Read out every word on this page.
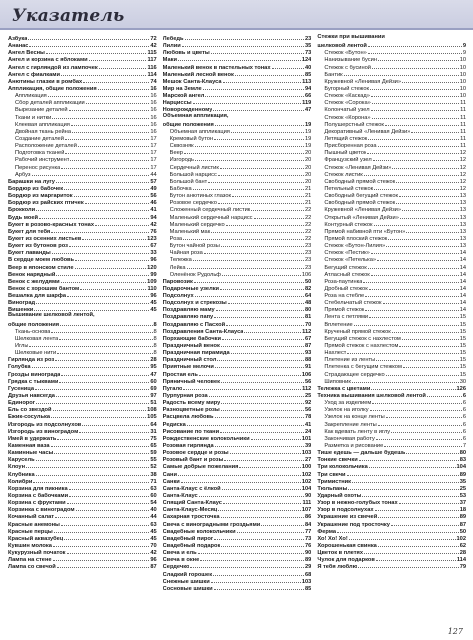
Указатель
Азбука	72
Ананас	42
Ангел Весны	115
Ангел и корзина с яблоками	117
Ангел с гирляндой из лампочек	116
Ангел с фиалками	114
Анютины глазки в ромбах	74
Аппликация, общие положения	16
Аппликация	16
Сбор деталей аппликации	16
Вырезание деталей	16
Ткани и нитки	16
Клеевая аппликация	16
Двойная ткань рейна	16
Создание деталей	17
Расположение деталей	17
Подготовка тканей	17
Рабочий инструмент	17
Перенос рисунка	17
Арбуз	44
Барашки на лугу	57
Бордюр из бабочек	49
Бордюр из маргариток	56
Бордюр из райских птичек	46
Брокколи	41
Будь моей	94
Букет в розово-красных тонах	42
Букет для тебя	76
Букет из осенних листьев	123
Букет из бутонов роз	67
Букет лаванды	33
В сердце моем любовь	96
Веер в японском стиле	120
Венок нарядный	99
Венок с желудями	109
Венок с хорошим бантом	110
Вешалка для шарфа	96
Виноград	45
Вишенки	45
Вышивание шелковой лентой,
общие положения	8
Ткань-основа	8
Шелковая лента	8
Иглы	8
Шелковые нити	8
Гирлянда из роз	28
Голубка	95
Грозды винограда	47
Грядка с тыквами	60
Гусеница	69
Друзья навсегда	97
Единорог	51
Ель со звездой	108
Ежик-сосулька	105
Изгородь из подсолнухов	64
Изгородь из виноградом	31
Имей в удержать	75
Каменная ваза	65
Каминные часы	59
Карусель	55
Клоун	52
Клубника	38
Колибри	71
Корзина для пикника	63
Корзина с бабочками	60
Корзина с фруктами	54
Корзинка с виноградом	40
Кочанный салат	44
Красные анемоны	63
Красные перцы	45
Красный аквазубец	45
Кувшин молока	70
Кукурузный початок	42
Лампа на стене	96
Лампа со свечой	87
Лебедь	23
Лилии	35
Любовь и цветы	73
Маки	124
Маленький венок в пастельных тонах	40
Маленький лесной венок	85
Мешок Санта-Клауса	113
Мир на Земле	94
Марской ангел	66
Нарциссы	119
Новорожденному	47
Объемная аппликация,
общие положения	19
Объемная аппликация	19
Кремовый бутон	19
Сквозняк	19
Веер	20
Изгородь	20
Сердечный листик	20
Большой нарцисс	20
Большой бант	20
Бабочка	21
Бутон анютиных глазок	21
Розовое сердечко	21
Сложенный сердечный листик	22
Маленький сердечный нарцисс	22
Маленький сердечко	22
Маленький мак	22
Роза	22
Бутон чайной розы	23
Чайная роза	23
Тележка	23
Лейка	23
Оленёнок Рудольф	106
Паровозик	50
Подарочные узелки	82
Подсолнух	64
Подсолнух и стрекозы	48
Поздравляю маму	80
Поздравляю папу	81
Поздравляю с Пасхой	70
Поздравления Санта-Клауса	112
Порхающие бабочки	67
Праздничный венок	87
Праздничная пирамида	93
Праздничный стол	88
Приятные мелочи	91
Простая ель	106
Пряничный человек	56
Пугало	112
Пурпурная роза	25
Радость всему миру	92
Разноцветные розы	56
Расцвела любовь	78
Редиска	41
Рисование по ткани	24
Рождественские колокольчики	101
Розовая гирлянда	39
Розовое сердце и розы	103
Розовый бант и розы	27
Самые добрые пожелания	100
Сани	102
Санки	102
Санта-Клаус с ёлкой	104
Санта-Клаус	90
Спящий Санта-Клаус	111
Санта-Клаус-Месяц	107
Сахарная тросточка	86
Свеча с виноградными гроздьями	84
Свадебные колокольчики	77
Свадебный пирог	73
Свадебный подарок	76
Свеча и ель	90
Свеча в окне	89
Сердечко	29
Сладкий горошек	68
Снежные шишки	103
Сосновые шишки	85
Стежки при вышивании
шелковой лентой	9
Стежок «Бутон»	9
Нанизывание бусин	10
Стежок с бусиной	10
Бантик	10
Кружевной «Ленивая Дейзи»	10
Бугорный стежок	10
Стежок «Каскад»	10
Стежок «Сорока»	11
Колончатый узел	11
Стежок «Корона»	11
Полушерстный стежок	11
Декоративный «Ленивая Дейзи»	11
Летящий стежок	11
Присборенная роза	11
Пышный цветок	12
Французский узел	12
Стежок «Ленивая Дейзи»	12
Стежок листик	12
Свободный прямой стежок	12
Петельный стежок	12
Свободный бегущий стежок	13
Свободный прямой стежок	13
Кружевной «Ленивая Дейзи»	13
Открытый «Ленивая Дейзи»	13
Контурный стежок	13
Прямой набивной пти «Бутон»	13
Прямой плоский стежок	13
Стежок «Бутон-Лилия»	13
Стежок «Пестик»	14
Стежок «Петелька»	14
Бегущий стежок	14
Атласный стежок	14
Роза-паутинка	14
Дробный стежок	14
Роза на стебле	14
Стебельчатый стежок	14
Прямой стежок	14
Лента с петлями	15
Вплетение	15
Крученый прямой стежок	15
Бегущий стежок с нахлестом	15
Прямой стежок с нахлестом	15
Нахлест	15
Плетение из ленты	15
Плетенка с бегущим стежком	15
Страдающее сердечко	15
Шиповник	30
Тележка с цветами	126
Техника вышивания шелковой лентой	6
Уход за изделием	6
Узелок на иголку	6
Узелок на конце ленты	6
Закрепление ленты	6
Как вдевать ленту в иглу	6
Закончивая работу	6
Разметка и рисование	7
Тише едешь — дальше будешь	80
Тонкие свечки	83
Три колокольчика	104
Три свечи	89
Тримистник	35
Тюльпаны	25
Ударный охоты	53
Узор в нежно-голубых тонах	37
Узор в подсолнухах	18
Украшение из свечей	89
Украшение под тросточку	87
Ферма	50
Хо! Хо! Хо!	102
Хорошенькая свинка	62
Цветок в плетях	28
Чулок для подарков	114
Я тебя люблю	79
127
